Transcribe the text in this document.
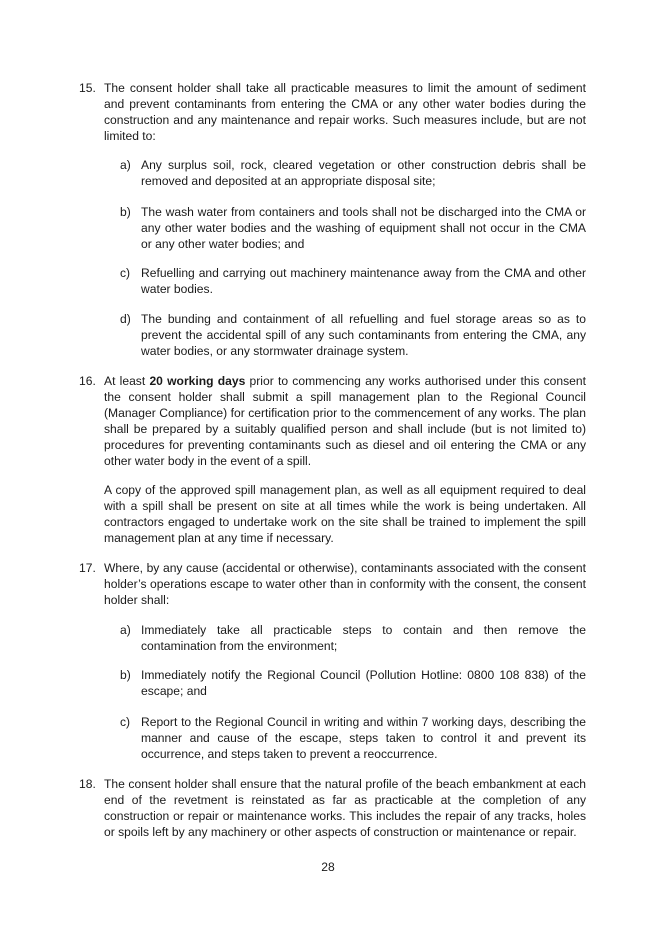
15. The consent holder shall take all practicable measures to limit the amount of sediment and prevent contaminants from entering the CMA or any other water bodies during the construction and any maintenance and repair works. Such measures include, but are not limited to:
a) Any surplus soil, rock, cleared vegetation or other construction debris shall be removed and deposited at an appropriate disposal site;
b) The wash water from containers and tools shall not be discharged into the CMA or any other water bodies and the washing of equipment shall not occur in the CMA or any other water bodies; and
c) Refuelling and carrying out machinery maintenance away from the CMA and other water bodies.
d) The bunding and containment of all refuelling and fuel storage areas so as to prevent the accidental spill of any such contaminants from entering the CMA, any water bodies, or any stormwater drainage system.
16. At least 20 working days prior to commencing any works authorised under this consent the consent holder shall submit a spill management plan to the Regional Council (Manager Compliance) for certification prior to the commencement of any works. The plan shall be prepared by a suitably qualified person and shall include (but is not limited to) procedures for preventing contaminants such as diesel and oil entering the CMA or any other water body in the event of a spill.
A copy of the approved spill management plan, as well as all equipment required to deal with a spill shall be present on site at all times while the work is being undertaken. All contractors engaged to undertake work on the site shall be trained to implement the spill management plan at any time if necessary.
17. Where, by any cause (accidental or otherwise), contaminants associated with the consent holder’s operations escape to water other than in conformity with the consent, the consent holder shall:
a) Immediately take all practicable steps to contain and then remove the contamination from the environment;
b) Immediately notify the Regional Council (Pollution Hotline: 0800 108 838) of the escape; and
c) Report to the Regional Council in writing and within 7 working days, describing the manner and cause of the escape, steps taken to control it and prevent its occurrence, and steps taken to prevent a reoccurrence.
18. The consent holder shall ensure that the natural profile of the beach embankment at each end of the revetment is reinstated as far as practicable at the completion of any construction or repair or maintenance works. This includes the repair of any tracks, holes or spoils left by any machinery or other aspects of construction or maintenance or repair.
28
